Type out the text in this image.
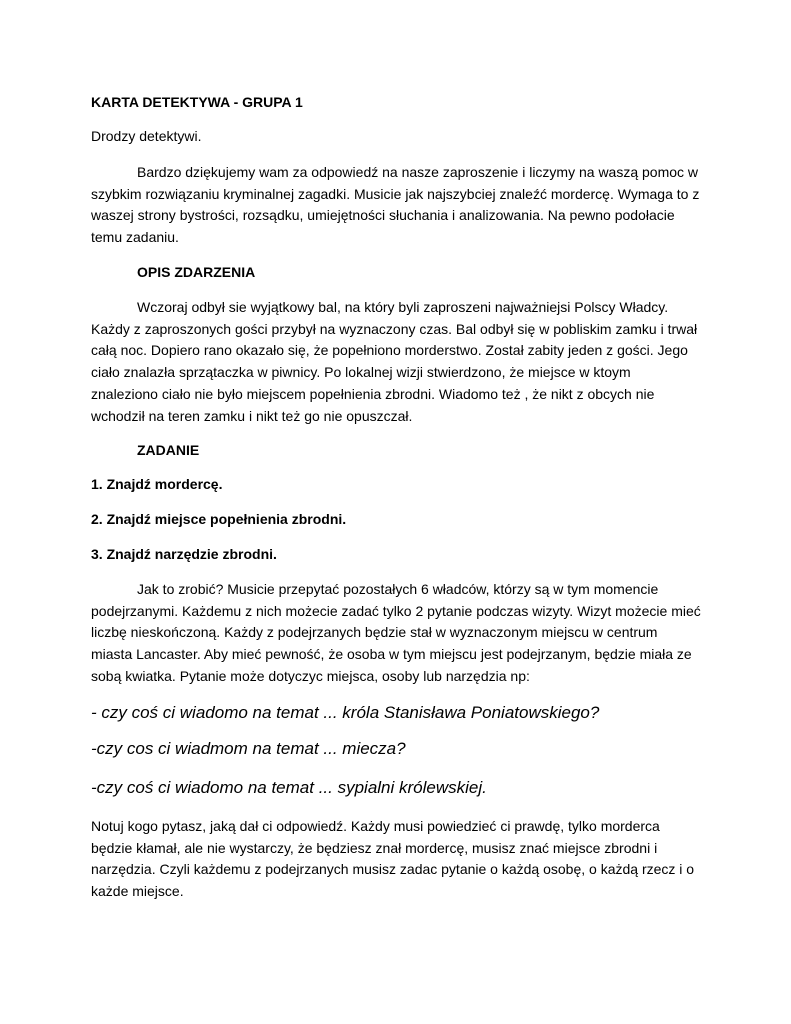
KARTA DETEKTYWA - GRUPA 1

Drodzy detektywi.

Bardzo dziękujemy wam za odpowiedź na nasze zaproszenie i liczymy na waszą pomoc w szybkim rozwiązaniu kryminalnej zagadki. Musicie jak najszybciej znaleźć mordercę. Wymaga to z waszej strony bystrości, rozsądku, umiejętności słuchania i analizowania. Na pewno podołacie temu zadaniu.

OPIS ZDARZENIA

Wczoraj odbył sie wyjątkowy bal, na który byli zaproszeni najważniejsi Polscy Władcy. Każdy z zaproszonych gości przybył na wyznaczony czas. Bal odbył się w pobliskim zamku i trwał całą noc. Dopiero rano okazało się, że popełniono morderstwo. Został zabity jeden z gości. Jego ciało znalazła sprzątaczka w piwnicy. Po lokalnej wizji stwierdzono, że miejsce w ktoym znaleziono ciało nie było miejscem popełnienia zbrodni. Wiadomo też , że nikt z obcych nie wchodził na teren zamku i nikt też go nie opuszczał.

ZADANIE

1. Znajdź mordercę.

2. Znajdź miejsce popełnienia zbrodni.

3. Znajdź narzędzie zbrodni.

Jak to zrobić? Musicie przepytać pozostałych 6 władców, którzy są w tym momencie podejrzanymi. Każdemu z nich możecie zadać tylko 2 pytanie podczas wizyty. Wizyt możecie mieć liczbę nieskończoną. Każdy z podejrzanych będzie stał w wyznaczonym miejscu w centrum miasta Lancaster. Aby mieć pewność, że osoba w tym miejscu jest podejrzanym, będzie miała ze sobą kwiatka. Pytanie może dotyczyc miejsca, osoby lub narzędzia np:

- czy coś ci wiadomo na temat ... króla Stanisława Poniatowskiego?

-czy cos ci wiadmom na temat ... miecza?

-czy coś ci wiadomo na temat ... sypialni królewskiej.

Notuj kogo pytasz, jaką dał ci odpowiedź. Każdy musi powiedzieć ci prawdę, tylko morderca będzie kłamał, ale nie wystarczy, że będziesz znał mordercę, musisz znać miejsce zbrodni i narzędzia. Czyli każdemu z podejrzanych musisz zadac pytanie o każdą osobę, o każdą rzecz i o każde miejsce.
